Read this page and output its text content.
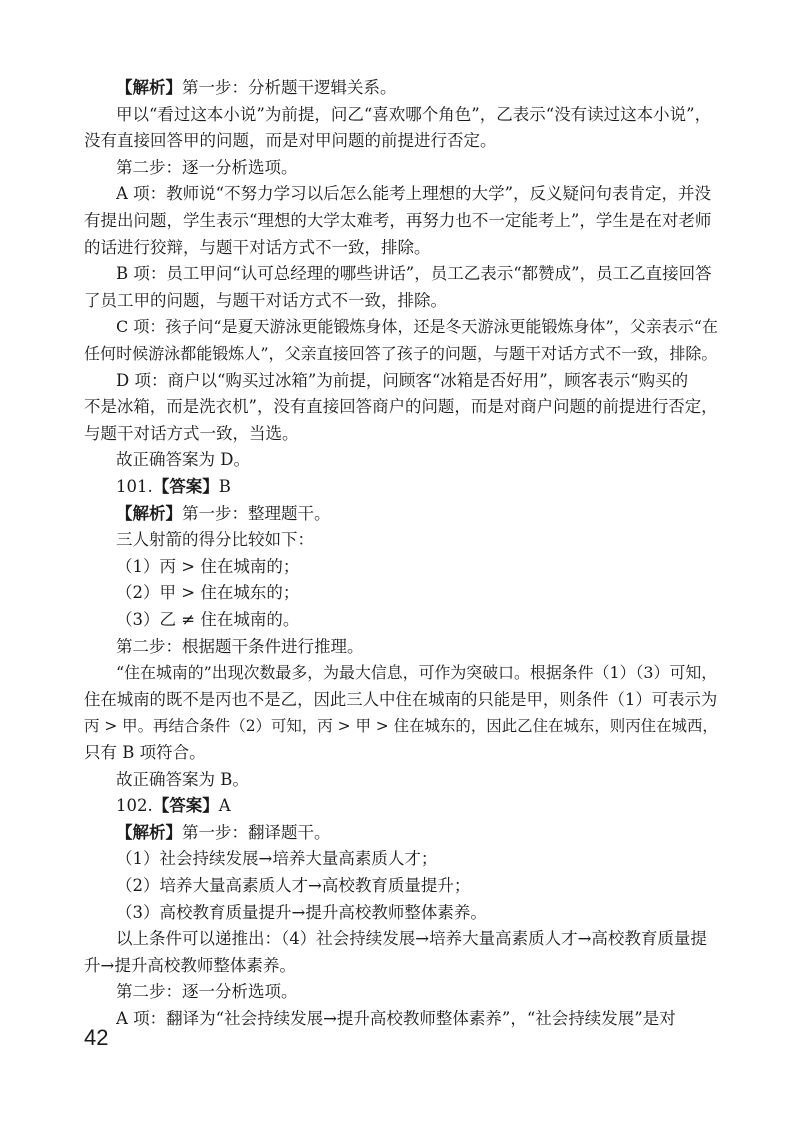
【解析】第一步：分析题干逻辑关系。
甲以“看过这本小说”为前提，问乙“喜欢哪个角色”，乙表示“没有读过这本小说”，
没有直接回答甲的问题，而是对甲问题的前提进行否定。
第二步：逐一分析选项。
A 项：教师说“不努力学习以后怎么能考上理想的大学”，反义疑问句表肯定，并没
有提出问题，学生表示“理想的大学太难考，再努力也不一定能考上”，学生是在对老师
的话进行狡辩，与题干对话方式不一致，排除。
B 项：员工甲问“认可总经理的哪些讲话”，员工乙表示“都赞成”，员工乙直接回答
了员工甲的问题，与题干对话方式不一致，排除。
C 项：孩子问“是夏天游泳更能锻炼身体，还是冬天游泳更能锻炼身体”，父亲表示“在
任何时候游泳都能锻炼人”，父亲直接回答了孩子的问题，与题干对话方式不一致，排除。
D 项：商户以“购买过冰箱”为前提，问顾客“冰箱是否好用”，顾客表示“购买的
不是冰箱，而是洗衣机”，没有直接回答商户的问题，而是对商户问题的前提进行否定，
与题干对话方式一致，当选。
故正确答案为 D。
101.【答案】B
【解析】第一步：整理题干。
三人射箭的得分比较如下：
（1）丙 > 住在城南的；
（2）甲 > 住在城东的；
（3）乙 ≠ 住在城南的。
第二步：根据题干条件进行推理。
“住在城南的”出现次数最多，为最大信息，可作为突破口。根据条件（1）（3）可知，
住在城南的既不是丙也不是乙，因此三人中住在城南的只能是甲，则条件（1）可表示为
丙 > 甲。再结合条件（2）可知，丙 > 甲 > 住在城东的，因此乙住在城东，则丙住在城西，
只有 B 项符合。
故正确答案为 B。
102.【答案】A
【解析】第一步：翻译题干。
（1）社会持续发展→培养大量高素质人才；
（2）培养大量高素质人才→高校教育质量提升；
（3）高校教育质量提升→提升高校教师整体素养。
以上条件可以递推出：（4）社会持续发展→培养大量高素质人才→高校教育质量提
升→提升高校教师整体素养。
第二步：逐一分析选项。
A 项：翻译为“社会持续发展→提升高校教师整体素养”，“社会持续发展”是对
42
